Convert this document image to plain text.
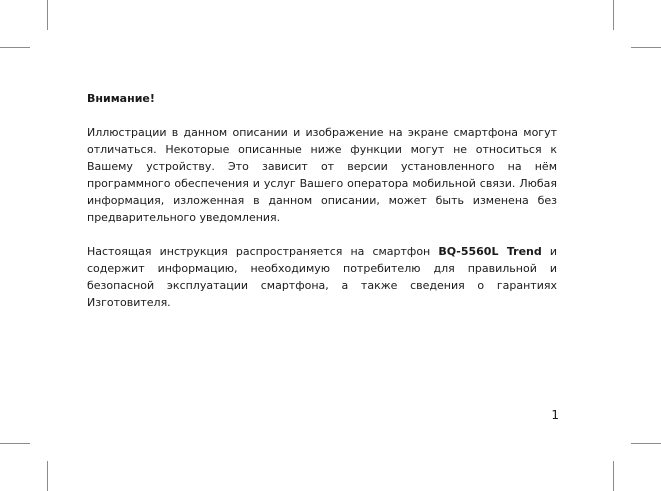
Внимание!

Иллюстрации в данном описании и изображение на экране смартфона могут отличаться. Некоторые описанные ниже функции могут не относиться к Вашему устройству. Это зависит от версии установленного на нём программного обеспечения и услуг Вашего оператора мобильной связи. Любая информация, изложенная в данном описании, может быть изменена без предварительного уведомления.

Настоящая инструкция распространяется на смартфон BQ-5560L Trend и содержит информацию, необходимую потребителю для правильной и безопасной эксплуатации смартфона, а также сведения о гарантиях Изготовителя.

1
